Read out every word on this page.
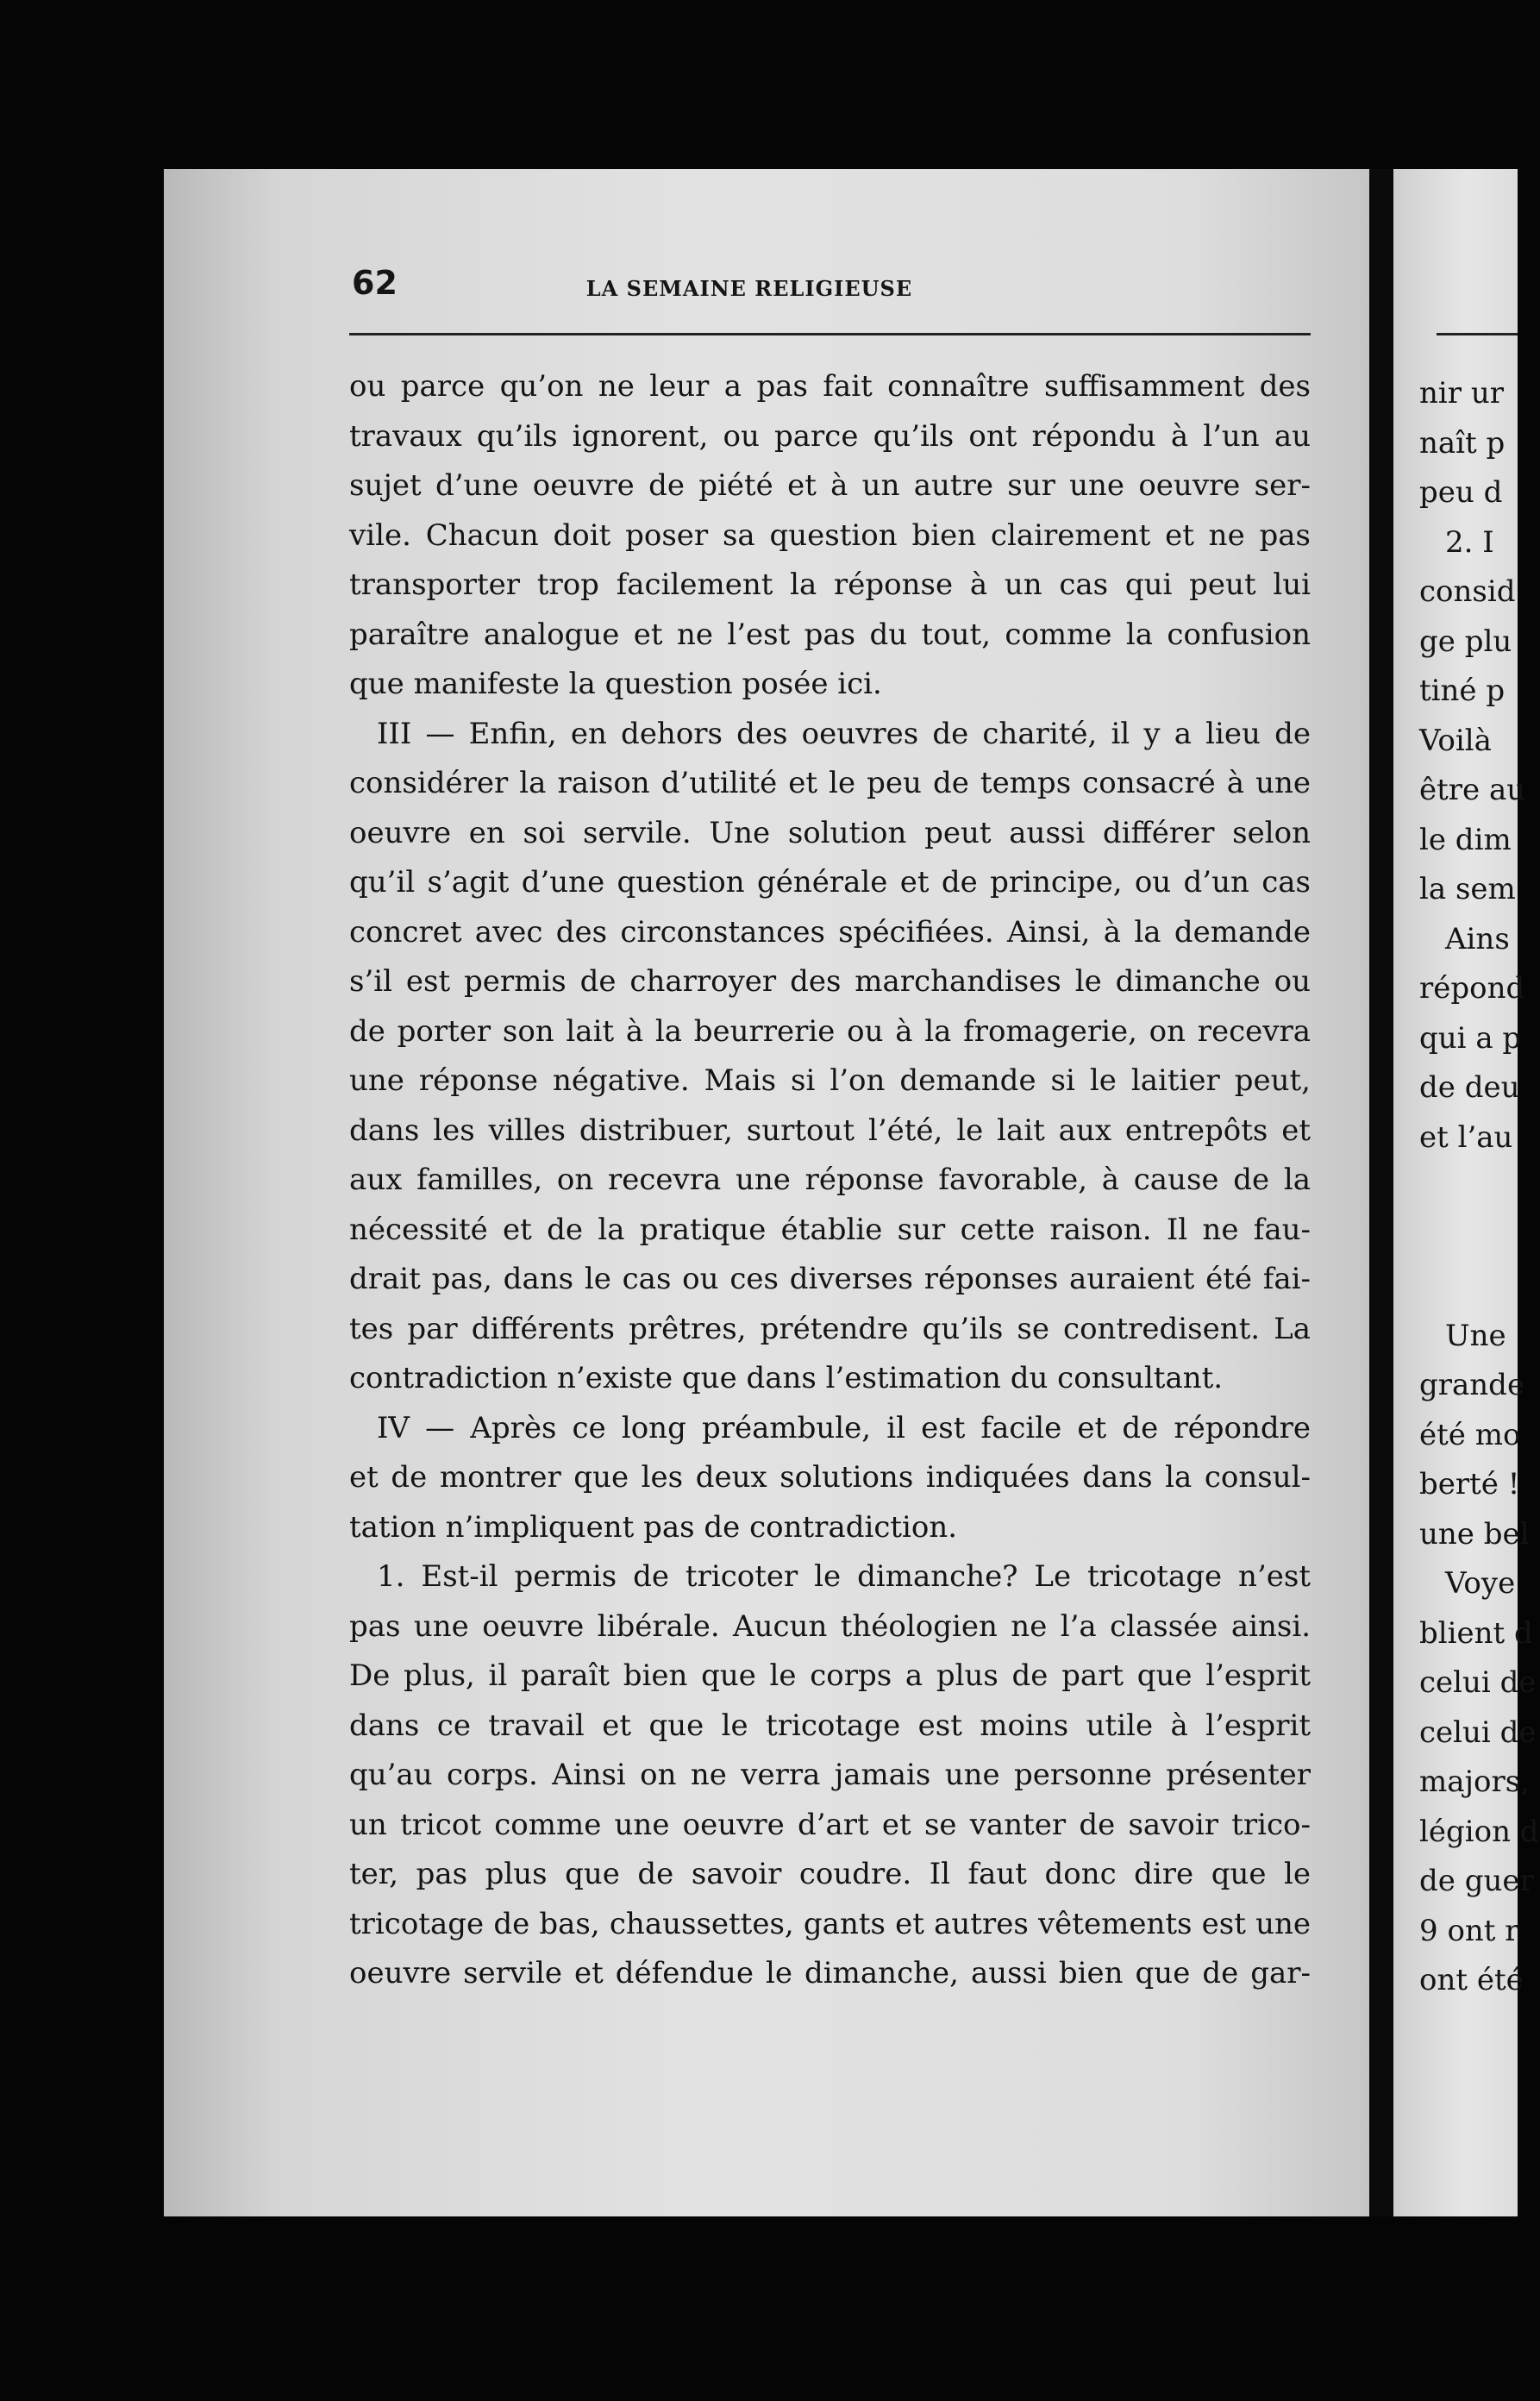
nir ur
naît p
peu d
2. I
consid
ge plu
tiné p
Voilà
être au
le dim
la sem
Ains
répond
qui a p
de deu
et l’au
Une
grande
été mo
berté !
une bel
Voye
blient d
celui de
celui de
majors,
légion d
de guer
9 ont r
ont été
62	LA SEMAINE RELIGIEUSE
ou parce qu’on ne leur a pas fait connaître suffisamment des
travaux qu’ils ignorent, ou parce qu’ils ont répondu à l’un au
sujet d’une oeuvre de piété et à un autre sur une oeuvre ser-
vile. Chacun doit poser sa question bien clairement et ne pas
transporter trop facilement la réponse à un cas qui peut lui
paraître analogue et ne l’est pas du tout, comme la confusion
que manifeste la question posée ici.
III — Enfin, en dehors des oeuvres de charité, il y a lieu de
considérer la raison d’utilité et le peu de temps consacré à une
oeuvre en soi servile. Une solution peut aussi différer selon
qu’il s’agit d’une question générale et de principe, ou d’un cas
concret avec des circonstances spécifiées. Ainsi, à la demande
s’il est permis de charroyer des marchandises le dimanche ou
de porter son lait à la beurrerie ou à la fromagerie, on recevra
une réponse négative. Mais si l’on demande si le laitier peut,
dans les villes distribuer, surtout l’été, le lait aux entrepôts et
aux familles, on recevra une réponse favorable, à cause de la
nécessité et de la pratique établie sur cette raison. Il ne fau-
drait pas, dans le cas ou ces diverses réponses auraient été fai-
tes par différents prêtres, prétendre qu’ils se contredisent. La
contradiction n’existe que dans l’estimation du consultant.
IV — Après ce long préambule, il est facile et de répondre
et de montrer que les deux solutions indiquées dans la consul-
tation n’impliquent pas de contradiction.
1. Est-il permis de tricoter le dimanche? Le tricotage n’est
pas une oeuvre libérale. Aucun théologien ne l’a classée ainsi.
De plus, il paraît bien que le corps a plus de part que l’esprit
dans ce travail et que le tricotage est moins utile à l’esprit
qu’au corps. Ainsi on ne verra jamais une personne présenter
un tricot comme une oeuvre d’art et se vanter de savoir trico-
ter, pas plus que de savoir coudre. Il faut donc dire que le
tricotage de bas, chaussettes, gants et autres vêtements est une
oeuvre servile et défendue le dimanche, aussi bien que de gar-
